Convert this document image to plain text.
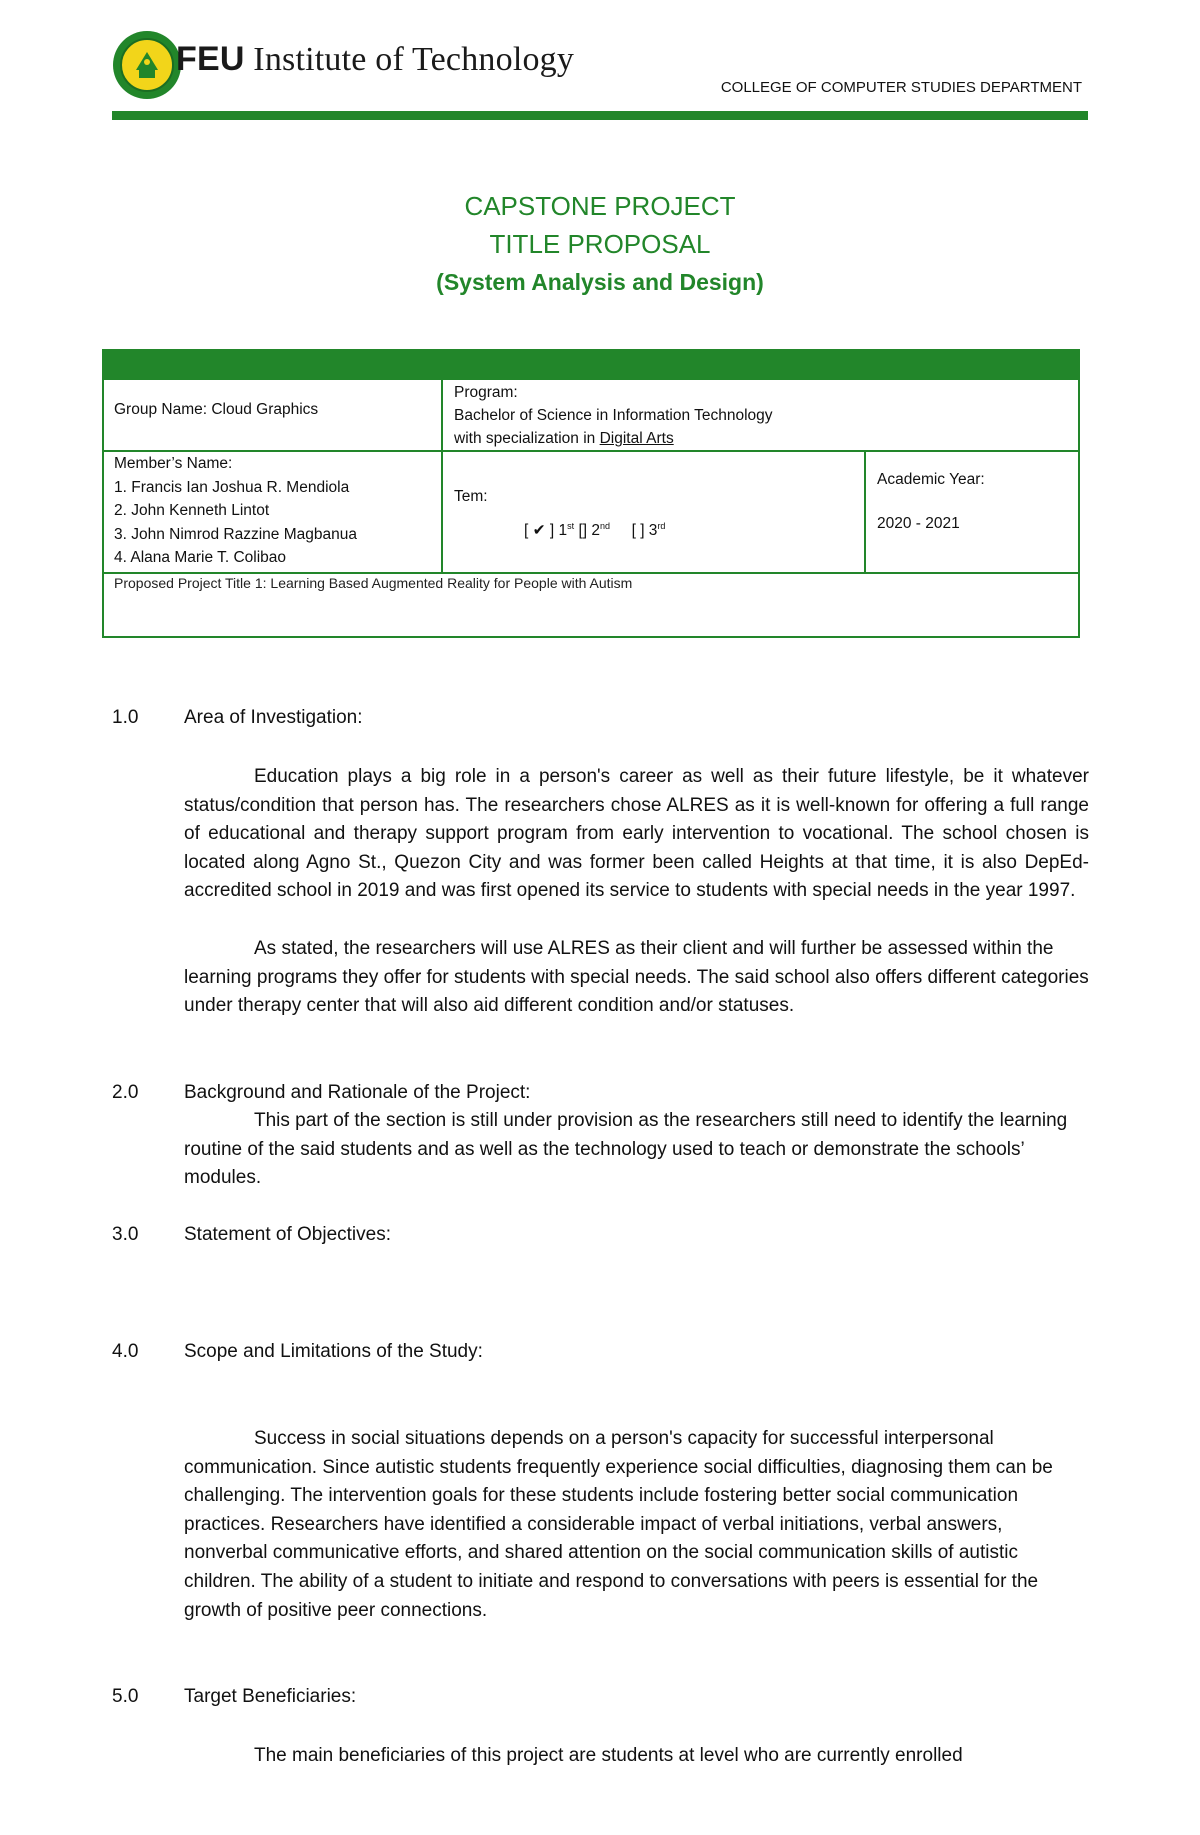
FEU Institute of Technology
COLLEGE OF COMPUTER STUDIES DEPARTMENT
CAPSTONE PROJECT
TITLE PROPOSAL
(System Analysis and Design)
Group Name: Cloud Graphics
Program:
Bachelor of Science in Information Technology
with specialization in Digital Arts
Member’s Name:
1. Francis Ian Joshua R. Mendiola
2. John Kenneth Lintot
3. John Nimrod Razzine Magbanua
4. Alana Marie T. Colibao
Tem:
[ ✔ ] 1st [] 2nd [ ] 3rd
Academic Year:
2020 - 2021
Proposed Project Title 1: Learning Based Augmented Reality for People with Autism
1.0	Area of Investigation:
Education plays a big role in a person's career as well as their future lifestyle, be it whatever status/condition that person has. The researchers chose ALRES as it is well-known for offering a full range of educational and therapy support program from early intervention to vocational. The school chosen is located along Agno St., Quezon City and was former been called Heights at that time, it is also DepEd-accredited school in 2019 and was first opened its service to students with special needs in the year 1997.
As stated, the researchers will use ALRES as their client and will further be assessed within the learning programs they offer for students with special needs. The said school also offers different categories under therapy center that will also aid different condition and/or statuses.
2.0	Background and Rationale of the Project:
This part of the section is still under provision as the researchers still need to identify the learning routine of the said students and as well as the technology used to teach or demonstrate the schools’ modules.
3.0	Statement of Objectives:
4.0	Scope and Limitations of the Study:
Success in social situations depends on a person's capacity for successful interpersonal communication. Since autistic students frequently experience social difficulties, diagnosing them can be challenging. The intervention goals for these students include fostering better social communication practices. Researchers have identified a considerable impact of verbal initiations, verbal answers, nonverbal communicative efforts, and shared attention on the social communication skills of autistic children. The ability of a student to initiate and respond to conversations with peers is essential for the growth of positive peer connections.
5.0	Target Beneficiaries:
The main beneficiaries of this project are students at level who are currently enrolled
